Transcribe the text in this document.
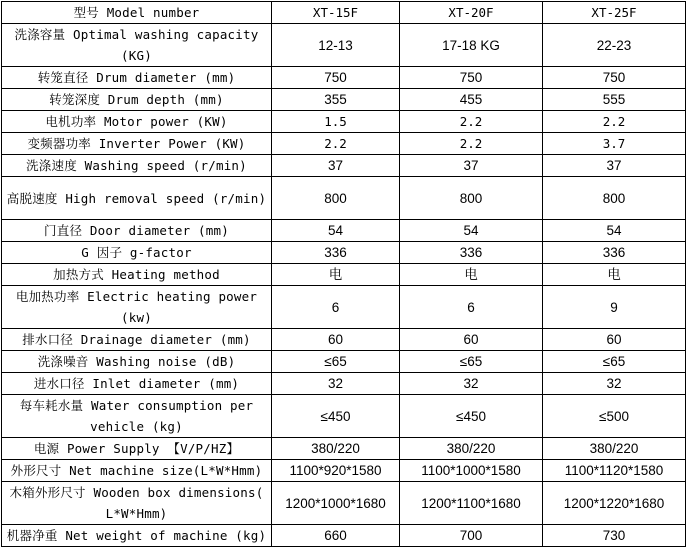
型号 Model number	XT-15F	XT-20F	XT-25F
洗涤容量 Optimal washing capacity (KG)	12-13	17-18 KG	22-23
转笼直径 Drum diameter (mm)	750	750	750
转笼深度 Drum depth (mm)	355	455	555
电机功率 Motor power (KW)	1.5	2.2	2.2
变频器功率 Inverter Power (KW)	2.2	2.2	3.7
洗涤速度 Washing speed (r/min)	37	37	37
高脱速度 High removal speed (r/min)	800	800	800
门直径 Door diameter (mm)	54	54	54
G 因子 g-factor	336	336	336
加热方式 Heating method	电	电	电
电加热功率 Electric heating power (kw)	6	6	9
排水口径 Drainage diameter (mm)	60	60	60
洗涤噪音 Washing noise (dB)	≤65	≤65	≤65
进水口径 Inlet diameter (mm)	32	32	32
每车耗水量 Water consumption per vehicle (kg)	≤450	≤450	≤500
电源 Power Supply 【V/P/HZ】	380/220	380/220	380/220
外形尺寸 Net machine size(L*W*Hmm)	1100*920*1580	1100*1000*1580	1100*1120*1580
木箱外形尺寸 Wooden box dimensions( L*W*Hmm)	1200*1000*1680	1200*1100*1680	1200*1220*1680
机器净重 Net weight of machine (kg)	660	700	730
